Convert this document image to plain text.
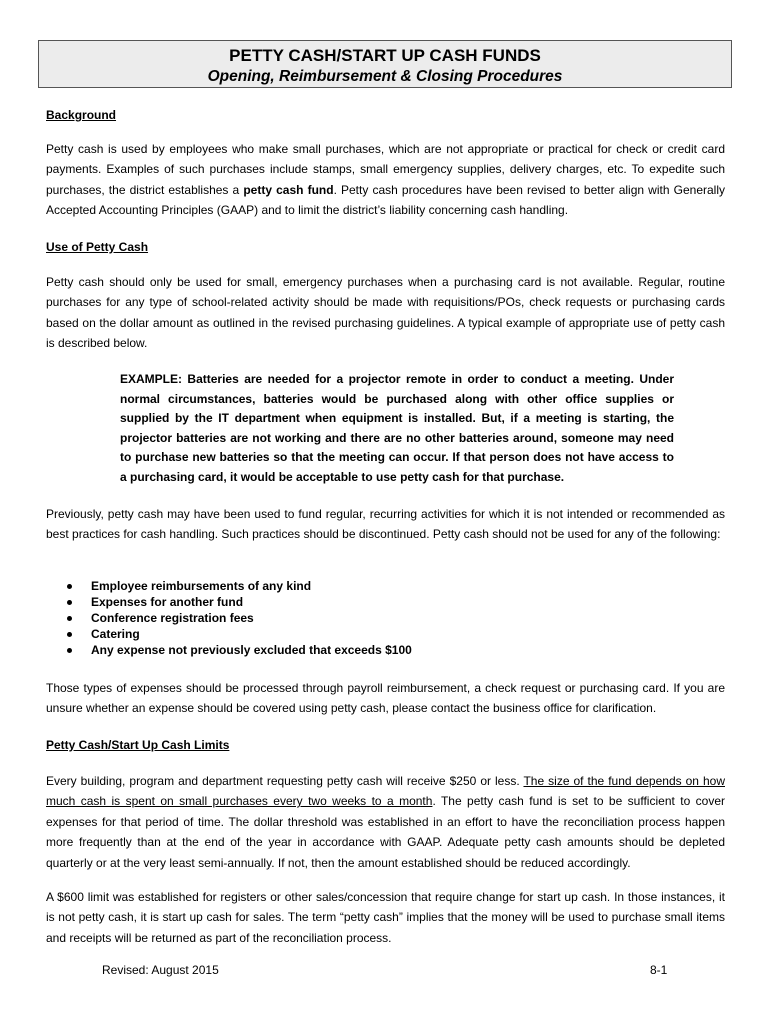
PETTY CASH/START UP CASH FUNDS
Opening, Reimbursement & Closing Procedures
Background
Petty cash is used by employees who make small purchases, which are not appropriate or practical for check or credit card payments. Examples of such purchases include stamps, small emergency supplies, delivery charges, etc. To expedite such purchases, the district establishes a petty cash fund. Petty cash procedures have been revised to better align with Generally Accepted Accounting Principles (GAAP) and to limit the district’s liability concerning cash handling.
Use of Petty Cash
Petty cash should only be used for small, emergency purchases when a purchasing card is not available. Regular, routine purchases for any type of school-related activity should be made with requisitions/POs, check requests or purchasing cards based on the dollar amount as outlined in the revised purchasing guidelines. A typical example of appropriate use of petty cash is described below.
EXAMPLE: Batteries are needed for a projector remote in order to conduct a meeting. Under normal circumstances, batteries would be purchased along with other office supplies or supplied by the IT department when equipment is installed. But, if a meeting is starting, the projector batteries are not working and there are no other batteries around, someone may need to purchase new batteries so that the meeting can occur. If that person does not have access to a purchasing card, it would be acceptable to use petty cash for that purchase.
Previously, petty cash may have been used to fund regular, recurring activities for which it is not intended or recommended as best practices for cash handling. Such practices should be discontinued. Petty cash should not be used for any of the following:
Employee reimbursements of any kind
Expenses for another fund
Conference registration fees
Catering
Any expense not previously excluded that exceeds $100
Those types of expenses should be processed through payroll reimbursement, a check request or purchasing card. If you are unsure whether an expense should be covered using petty cash, please contact the business office for clarification.
Petty Cash/Start Up Cash Limits
Every building, program and department requesting petty cash will receive $250 or less. The size of the fund depends on how much cash is spent on small purchases every two weeks to a month. The petty cash fund is set to be sufficient to cover expenses for that period of time. The dollar threshold was established in an effort to have the reconciliation process happen more frequently than at the end of the year in accordance with GAAP. Adequate petty cash amounts should be depleted quarterly or at the very least semi-annually. If not, then the amount established should be reduced accordingly.
A $600 limit was established for registers or other sales/concession that require change for start up cash. In those instances, it is not petty cash, it is start up cash for sales. The term “petty cash” implies that the money will be used to purchase small items and receipts will be returned as part of the reconciliation process.
Revised: August 2015	8-1
